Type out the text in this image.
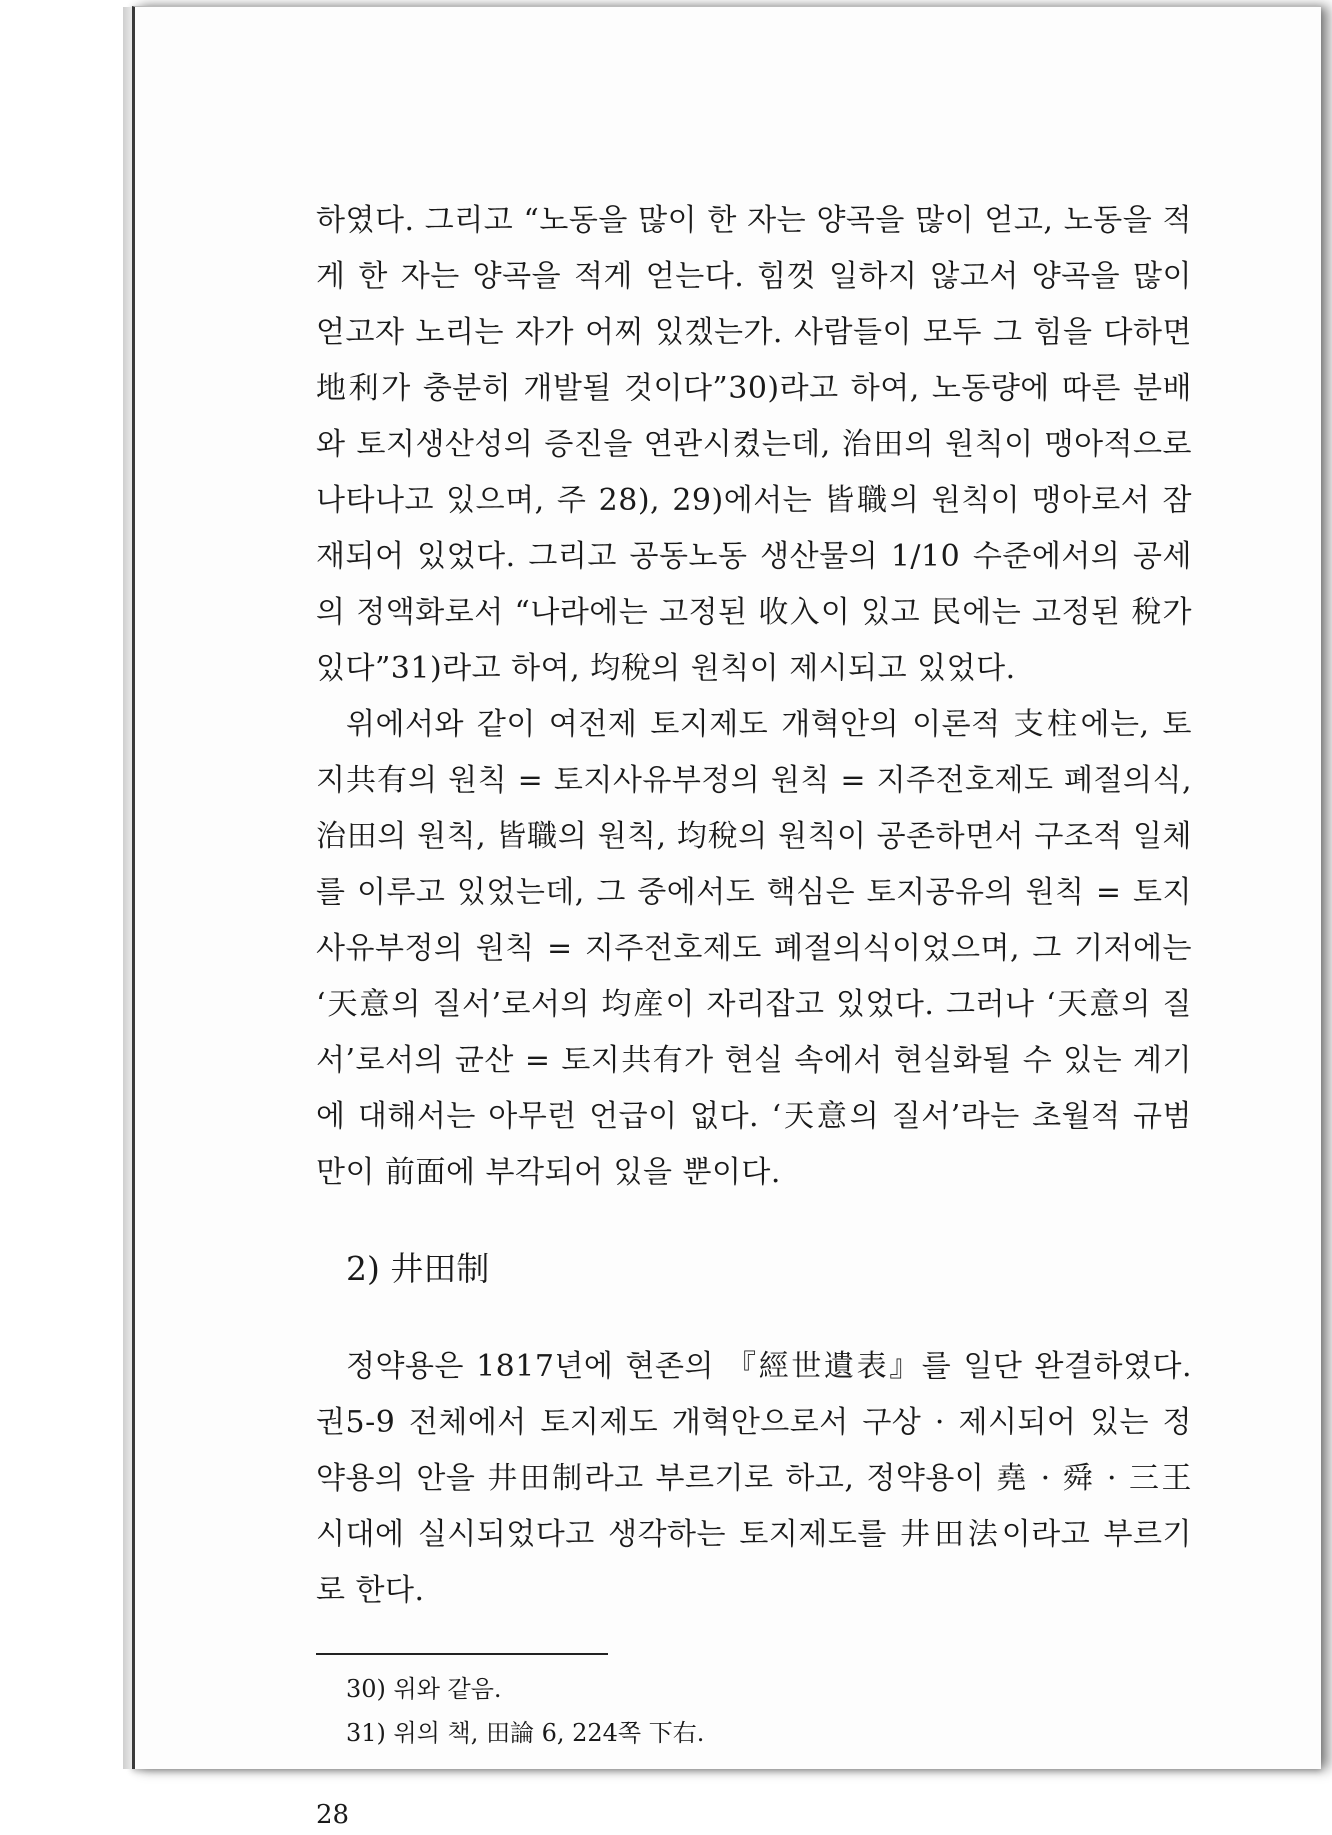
하였다. 그리고 “노동을 많이 한 자는 양곡을 많이 얻고, 노동을 적게 한 자는 양곡을 적게 얻는다. 힘껏 일하지 않고서 양곡을 많이 얻고자 노리는 자가 어찌 있겠는가. 사람들이 모두 그 힘을 다하면 地利가 충분히 개발될 것이다”30)라고 하여, 노동량에 따른 분배와 토지생산성의 증진을 연관시켰는데, 治田의 원칙이 맹아적으로 나타나고 있으며, 주 28), 29)에서는 皆職의 원칙이 맹아로서 잠재되어 있었다. 그리고 공동노동 생산물의 1/10 수준에서의 공세의 정액화로서 “나라에는 고정된 收入이 있고 民에는 고정된 稅가 있다”31)라고 하여, 均稅의 원칙이 제시되고 있었다.

위에서와 같이 여전제 토지제도 개혁안의 이론적 支柱에는, 토지共有의 원칙 = 토지사유부정의 원칙 = 지주전호제도 폐절의식, 治田의 원칙, 皆職의 원칙, 均稅의 원칙이 공존하면서 구조적 일체를 이루고 있었는데, 그 중에서도 핵심은 토지공유의 원칙 = 토지사유부정의 원칙 = 지주전호제도 폐절의식이었으며, 그 기저에는 ‘天意의 질서’로서의 均産이 자리잡고 있었다. 그러나 ‘天意의 질서’로서의 균산 = 토지共有가 현실 속에서 현실화될 수 있는 계기에 대해서는 아무런 언급이 없다. ‘天意의 질서’라는 초월적 규범만이 前面에 부각되어 있을 뿐이다.

2) 井田制

정약용은 1817년에 현존의 『經世遺表』를 일단 완결하였다. 권5-9 전체에서 토지제도 개혁안으로서 구상 · 제시되어 있는 정약용의 안을 井田制라고 부르기로 하고, 정약용이 堯 · 舜 · 三王 시대에 실시되었다고 생각하는 토지제도를 井田法이라고 부르기로 한다.

30) 위와 같음.

31) 위의 책, 田論 6, 224쪽 下右.

28
